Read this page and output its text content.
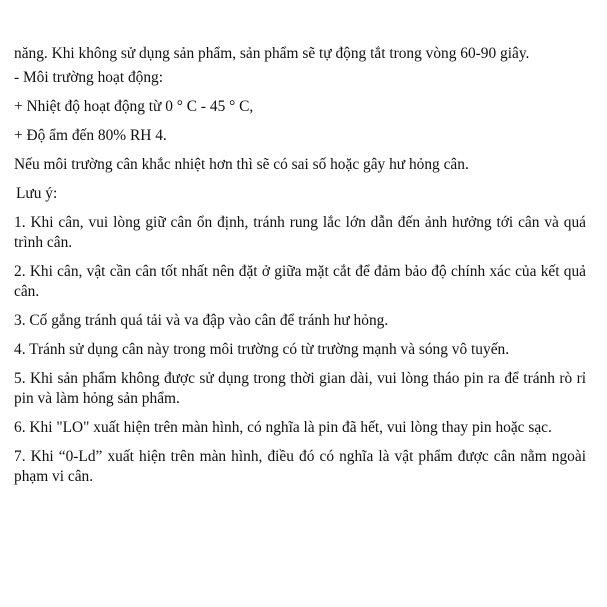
năng. Khi không sử dụng sản phẩm, sản phẩm sẽ tự động tắt trong vòng 60-90 giây.

- Môi trường hoạt động:

+ Nhiệt độ hoạt động từ 0 ° C - 45 ° C,

+ Độ ẩm đến 80% RH 4.

Nếu môi trường cân khắc nhiệt hơn thì sẽ có sai số hoặc gây hư hỏng cân.

Lưu ý:

1. Khi cân, vui lòng giữ cân ổn định, tránh rung lắc lớn dẫn đến ảnh hưởng tới cân và quá trình cân.

2. Khi cân, vật cần cân tốt nhất nên đặt ở giữa mặt cắt để đảm bảo độ chính xác của kết quả cân.

3. Cố gắng tránh quá tải và va đập vào cân để tránh hư hỏng.

4. Tránh sử dụng cân này trong môi trường có từ trường mạnh và sóng vô tuyến.

5. Khi sản phẩm không được sử dụng trong thời gian dài, vui lòng tháo pin ra để tránh rò rỉ pin và làm hỏng sản phẩm.

6. Khi "LO" xuất hiện trên màn hình, có nghĩa là pin đã hết, vui lòng thay pin hoặc sạc.

7. Khi “0-Ld” xuất hiện trên màn hình, điều đó có nghĩa là vật phẩm được cân nằm ngoài phạm vi cân.
